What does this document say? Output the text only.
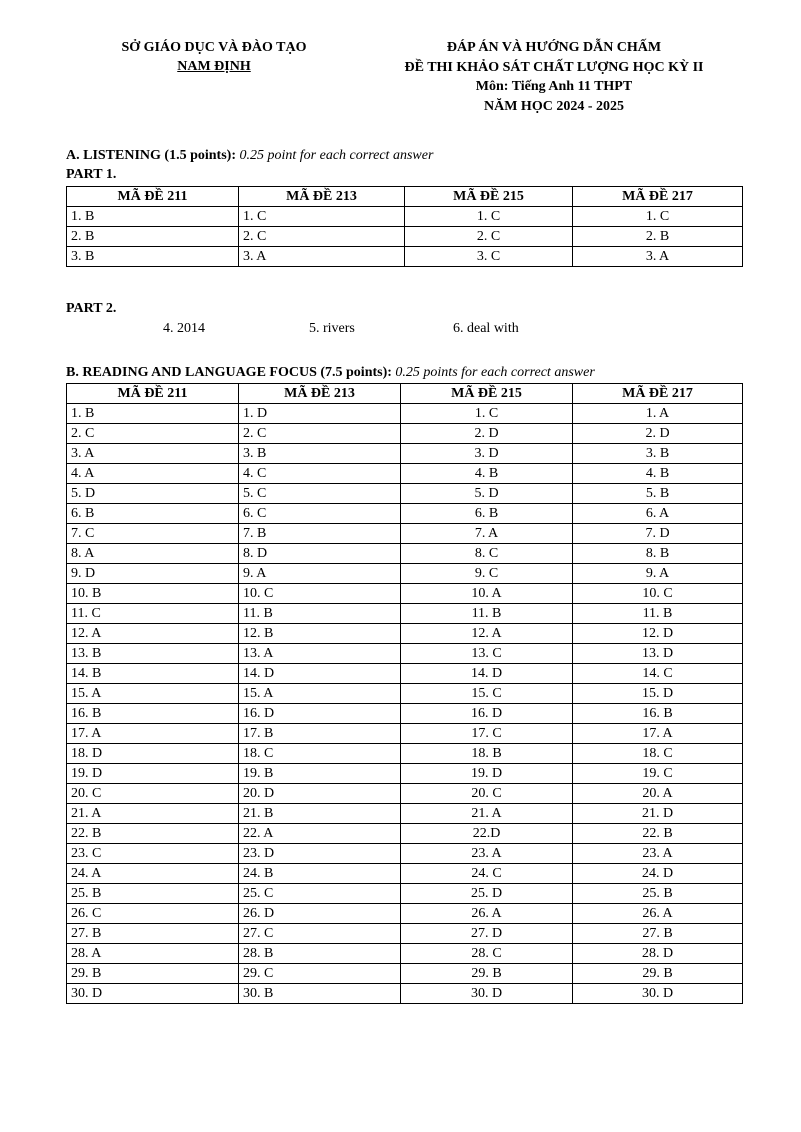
SỞ GIÁO DỤC VÀ ĐÀO TẠO
NAM ĐỊNH
ĐÁP ÁN VÀ HƯỚNG DẪN CHẤM
ĐỀ THI KHẢO SÁT CHẤT LƯỢNG HỌC KỲ II
Môn: Tiếng Anh 11 THPT
NĂM HỌC 2024 - 2025
A. LISTENING (1.5 points): 0.25 point for each correct answer
PART 1.
MÃ ĐỀ 211	MÃ ĐỀ 213	MÃ ĐỀ 215	MÃ ĐỀ 217
1. B	1. C	1. C	1. C
2. B	2. C	2. C	2. B
3. B	3. A	3. C	3. A
PART 2.
4. 2014	5. rivers	6. deal with
B. READING AND LANGUAGE FOCUS (7.5 points): 0.25 points for each correct answer
MÃ ĐỀ 211	MÃ ĐỀ 213	MÃ ĐỀ 215	MÃ ĐỀ 217
1. B	1. D	1. C	1. A
2. C	2. C	2. D	2. D
3. A	3. B	3. D	3. B
4. A	4. C	4. B	4. B
5. D	5. C	5. D	5. B
6. B	6. C	6. B	6. A
7. C	7. B	7. A	7. D
8. A	8. D	8. C	8. B
9. D	9. A	9. C	9. A
10. B	10. C	10. A	10. C
11. C	11. B	11. B	11. B
12. A	12. B	12. A	12. D
13. B	13. A	13. C	13. D
14. B	14. D	14. D	14. C
15. A	15. A	15. C	15. D
16. B	16. D	16. D	16. B
17. A	17. B	17. C	17. A
18. D	18. C	18. B	18. C
19. D	19. B	19. D	19. C
20. C	20. D	20. C	20. A
21. A	21. B	21. A	21. D
22. B	22. A	22.D	22. B
23. C	23. D	23. A	23. A
24. A	24. B	24. C	24. D
25. B	25. C	25. D	25. B
26. C	26. D	26. A	26. A
27. B	27. C	27. D	27. B
28. A	28. B	28. C	28. D
29. B	29. C	29. B	29. B
30. D	30. B	30. D	30. D
